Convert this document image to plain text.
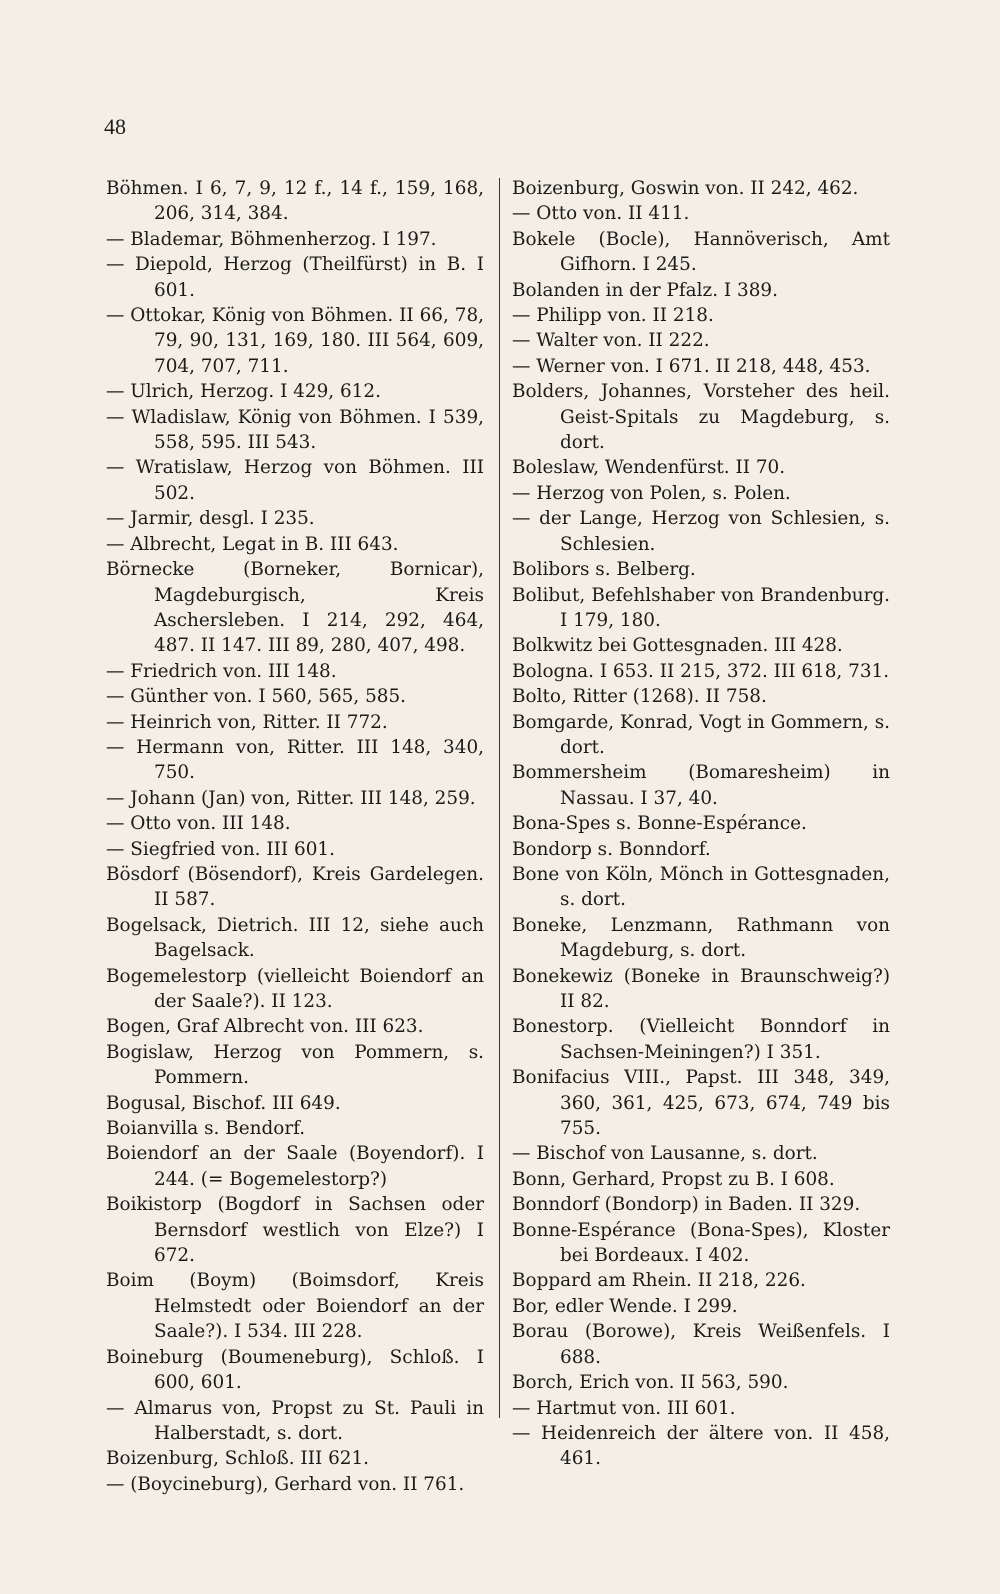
48

Böhmen. I 6, 7, 9, 12 f., 14 f., 159, 168, 206, 314, 384.

— Blademar, Böhmenherzog. I 197.

— Diepold, Herzog (Theilfürst) in B. I 601.

— Ottokar, König von Böhmen. II 66, 78, 79, 90, 131, 169, 180. III 564, 609, 704, 707, 711.

— Ulrich, Herzog. I 429, 612.

— Wladislaw, König von Böhmen. I 539, 558, 595. III 543.

— Wratislaw, Herzog von Böhmen. III 502.

— Jarmir, desgl. I 235.

— Albrecht, Legat in B. III 643.

Börnecke (Borneker, Bornicar), Magdeburgisch, Kreis Aschersleben. I 214, 292, 464, 487. II 147. III 89, 280, 407, 498.

— Friedrich von. III 148.

— Günther von. I 560, 565, 585.

— Heinrich von, Ritter. II 772.

— Hermann von, Ritter. III 148, 340, 750.

— Johann (Jan) von, Ritter. III 148, 259.

— Otto von. III 148.

— Siegfried von. III 601.

Bösdorf (Bösendorf), Kreis Gardelegen. II 587.

Bogelsack, Dietrich. III 12, siehe auch Bagelsack.

Bogemelestorp (vielleicht Boiendorf an der Saale?). II 123.

Bogen, Graf Albrecht von. III 623.

Bogislaw, Herzog von Pommern, s. Pommern.

Bogusal, Bischof. III 649.

Boianvilla s. Bendorf.

Boiendorf an der Saale (Boyendorf). I 244. (= Bogemelestorp?)

Boikistorp (Bogdorf in Sachsen oder Bernsdorf westlich von Elze?) I 672.

Boim (Boym) (Boimsdorf, Kreis Helmstedt oder Boiendorf an der Saale?). I 534. III 228.

Boineburg (Boumeneburg), Schloß. I 600, 601.

— Almarus von, Propst zu St. Pauli in Halberstadt, s. dort.

Boizenburg, Schloß. III 621.

— (Boycineburg), Gerhard von. II 761.

Boizenburg, Goswin von. II 242, 462.

— Otto von. II 411.

Bokele (Bocle), Hannöverisch, Amt Gifhorn. I 245.

Bolanden in der Pfalz. I 389.

— Philipp von. II 218.

— Walter von. II 222.

— Werner von. I 671. II 218, 448, 453.

Bolders, Johannes, Vorsteher des heil. Geist-Spitals zu Magdeburg, s. dort.

Boleslaw, Wendenfürst. II 70.

— Herzog von Polen, s. Polen.

— der Lange, Herzog von Schlesien, s. Schlesien.

Bolibors s. Belberg.

Bolibut, Befehlshaber von Brandenburg. I 179, 180.

Bolkwitz bei Gottesgnaden. III 428.

Bologna. I 653. II 215, 372. III 618, 731.

Bolto, Ritter (1268). II 758.

Bomgarde, Konrad, Vogt in Gommern, s. dort.

Bommersheim (Bomaresheim) in Nassau. I 37, 40.

Bona-Spes s. Bonne-Espérance.

Bondorp s. Bonndorf.

Bone von Köln, Mönch in Gottesgnaden, s. dort.

Boneke, Lenzmann, Rathmann von Magdeburg, s. dort.

Bonekewiz (Boneke in Braunschweig?) II 82.

Bonestorp. (Vielleicht Bonndorf in Sachsen-Meiningen?) I 351.

Bonifacius VIII., Papst. III 348, 349, 360, 361, 425, 673, 674, 749 bis 755.

— Bischof von Lausanne, s. dort.

Bonn, Gerhard, Propst zu B. I 608.

Bonndorf (Bondorp) in Baden. II 329.

Bonne-Espérance (Bona-Spes), Kloster bei Bordeaux. I 402.

Boppard am Rhein. II 218, 226.

Bor, edler Wende. I 299.

Borau (Borowe), Kreis Weißenfels. I 688.

Borch, Erich von. II 563, 590.

— Hartmut von. III 601.

— Heidenreich der ältere von. II 458, 461.
